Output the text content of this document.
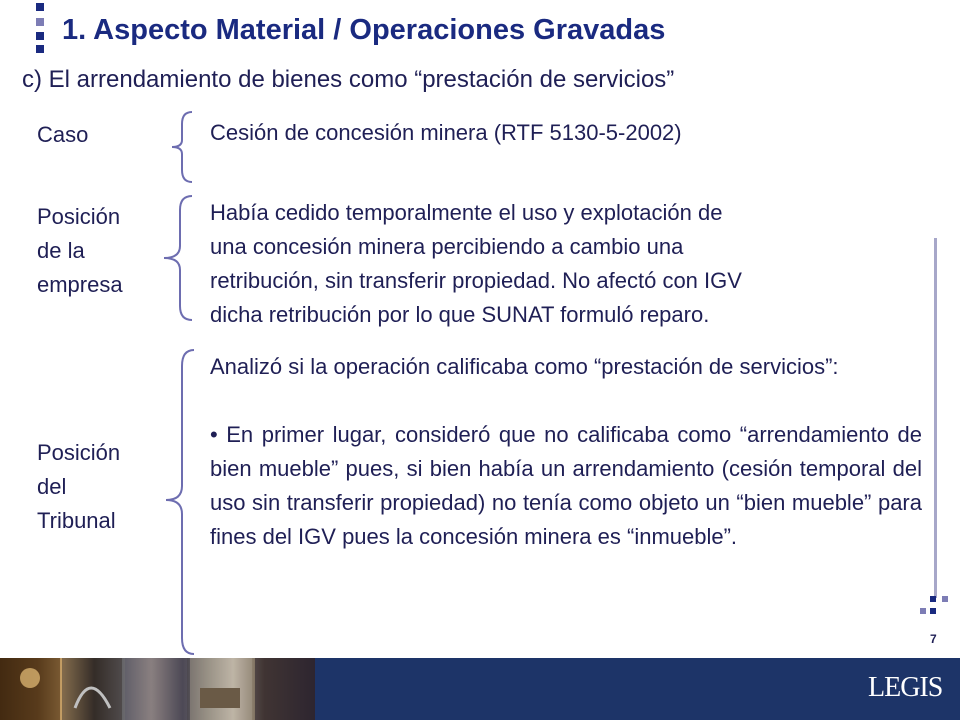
1. Aspecto Material / Operaciones Gravadas
c) El arrendamiento de bienes como “prestación de servicios”
Caso	Cesión de concesión minera (RTF 5130-5-2002)
Posición
de la
empresa
Había cedido temporalmente el uso y explotación de
una concesión minera percibiendo a cambio una
retribución, sin transferir propiedad. No afectó con IGV
dicha retribución por lo que SUNAT formuló reparo.
Posición
del
Tribunal

Analizó si la operación calificaba como “prestación de servicios”:

• En primer lugar, consideró que no calificaba como “arrendamiento de bien mueble” pues, si bien había un arrendamiento (cesión temporal del uso sin transferir propiedad) no tenía como objeto un “bien mueble” para fines del IGV pues la concesión minera es “inmueble”.

7
LEGIS
